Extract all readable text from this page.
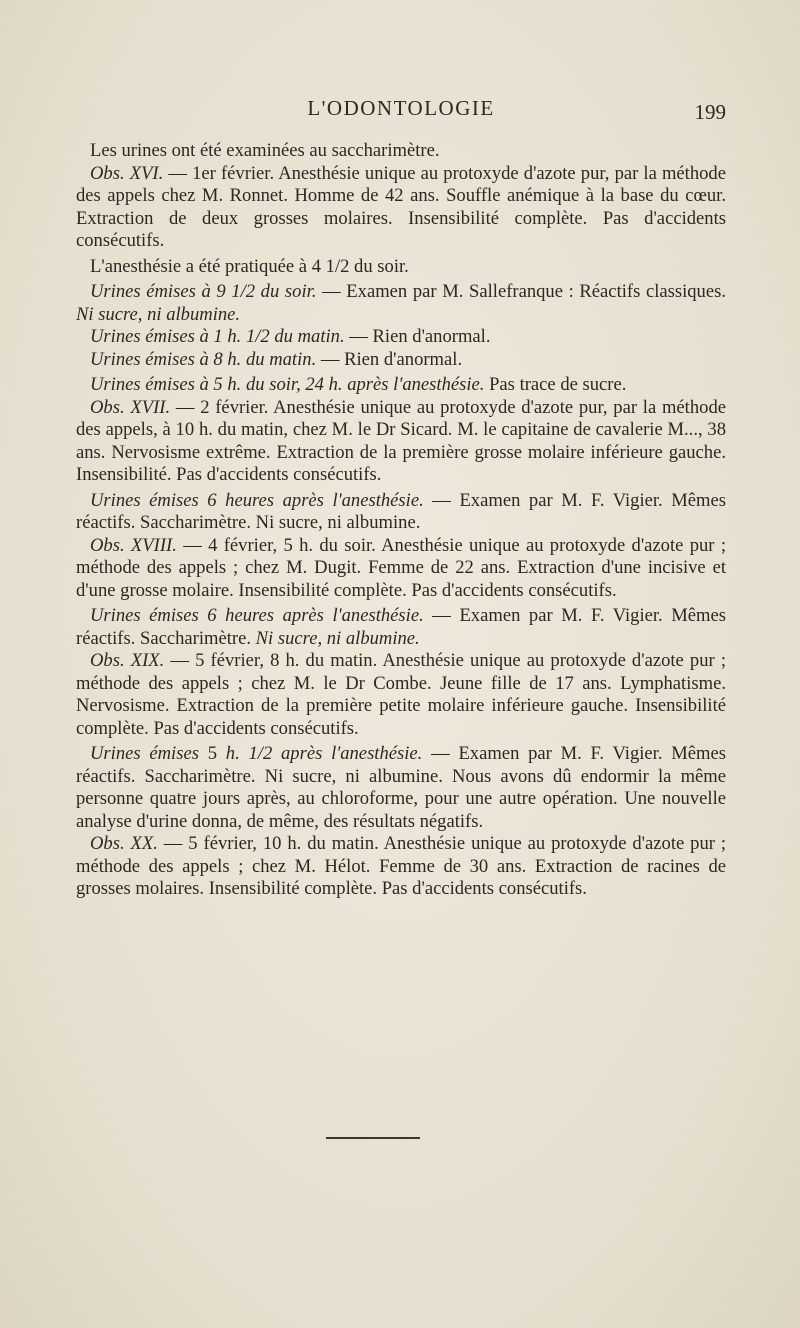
L'ODONTOLOGIE	199

Les urines ont été examinées au saccharimètre.

Obs. XVI. — 1er février. Anesthésie unique au protoxyde d'azote pur, par la méthode des appels chez M. Ronnet. Homme de 42 ans. Souffle anémique à la base du cœur. Extraction de deux grosses molaires. Insensibilité complète. Pas d'accidents consécutifs.

L'anesthésie a été pratiquée à 4 1/2 du soir.

Urines émises à 9 1/2 du soir. — Examen par M. Sallefranque : Réactifs classiques. Ni sucre, ni albumine.

Urines émises à 1 h. 1/2 du matin. — Rien d'anormal.

Urines émises à 8 h. du matin. — Rien d'anormal.

Urines émises à 5 h. du soir, 24 h. après l'anesthésie. Pas trace de sucre.

Obs. XVII. — 2 février. Anesthésie unique au protoxyde d'azote pur, par la méthode des appels, à 10 h. du matin, chez M. le Dr Sicard. M. le capitaine de cavalerie M..., 38 ans. Nervosisme extrême. Extraction de la première grosse molaire inférieure gauche. Insensibilité. Pas d'accidents consécutifs.

Urines émises 6 heures après l'anesthésie. — Examen par M. F. Vigier. Mêmes réactifs. Saccharimètre. Ni sucre, ni albumine.

Obs. XVIII. — 4 février, 5 h. du soir. Anesthésie unique au protoxyde d'azote pur ; méthode des appels ; chez M. Dugit. Femme de 22 ans. Extraction d'une incisive et d'une grosse molaire. Insensibilité complète. Pas d'accidents consécutifs.

Urines émises 6 heures après l'anesthésie. — Examen par M. F. Vigier. Mêmes réactifs. Saccharimètre. Ni sucre, ni albumine.

Obs. XIX. — 5 février, 8 h. du matin. Anesthésie unique au protoxyde d'azote pur ; méthode des appels ; chez M. le Dr Combe. Jeune fille de 17 ans. Lymphatisme. Nervosisme. Extraction de la première petite molaire inférieure gauche. Insensibilité complète. Pas d'accidents consécutifs.

Urines émises 5 h. 1/2 après l'anesthésie. — Examen par M. F. Vigier. Mêmes réactifs. Saccharimètre. Ni sucre, ni albumine. Nous avons dû endormir la même personne quatre jours après, au chloroforme, pour une autre opération. Une nouvelle analyse d'urine donna, de même, des résultats négatifs.

Obs. XX. — 5 février, 10 h. du matin. Anesthésie unique au protoxyde d'azote pur ; méthode des appels ; chez M. Hélot. Femme de 30 ans. Extraction de racines de grosses molaires. Insensibilité complète. Pas d'accidents consécutifs.
